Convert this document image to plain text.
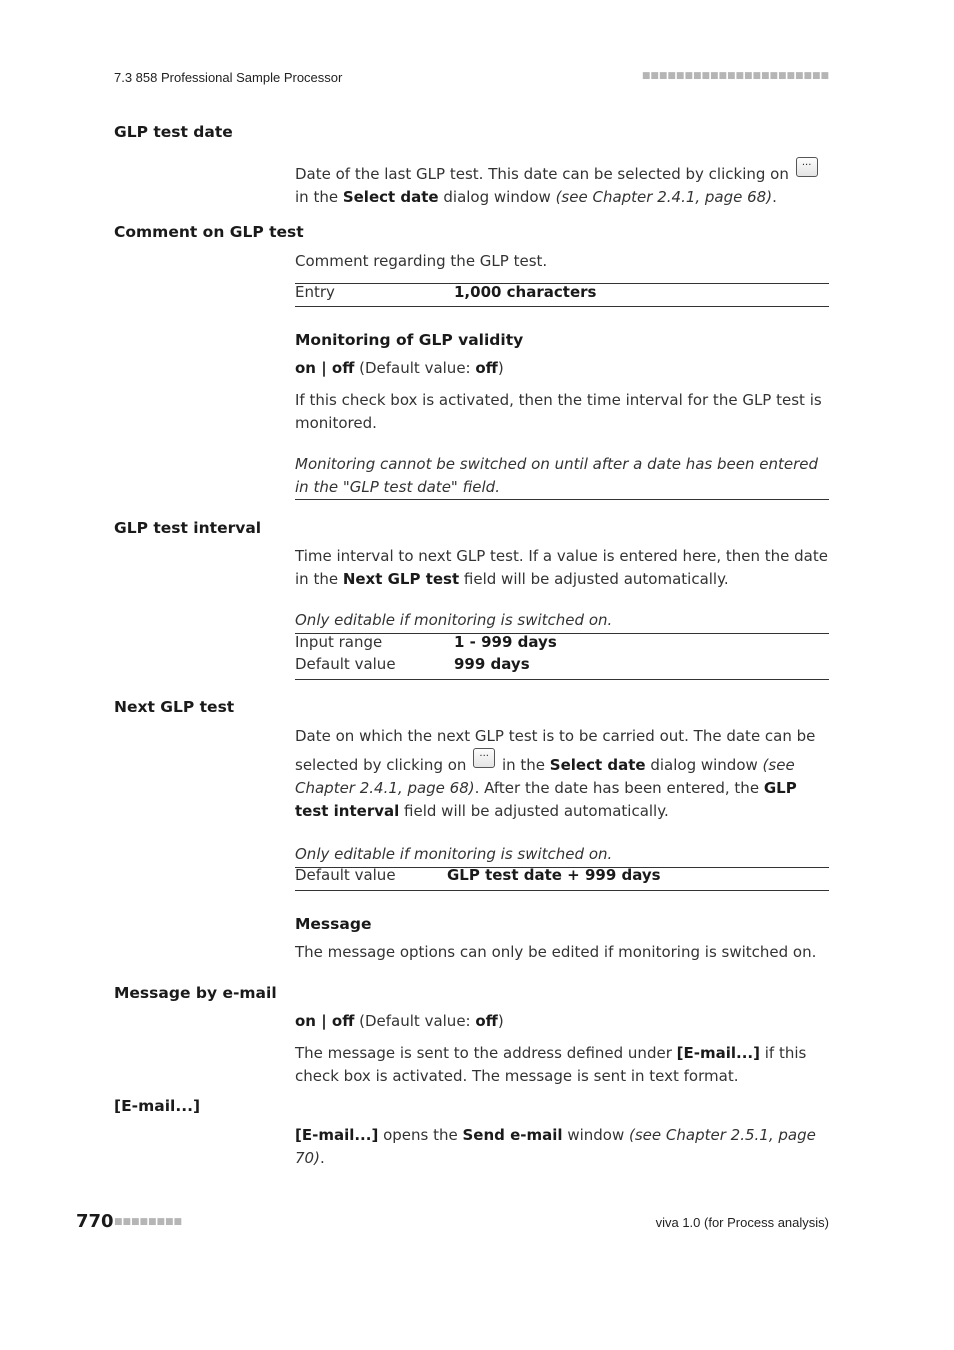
7.3 858 Professional Sample Processor	■■■■■■■■■■■■■■■■■■■■■■
GLP test date
Date of the last GLP test. This date can be selected by clicking on ···
in the Select date dialog window (see Chapter 2.4.1, page 68).
Comment on GLP test
Comment regarding the GLP test.
Entry	1,000 characters
Monitoring of GLP validity
on | off (Default value: off)
If this check box is activated, then the time interval for the GLP test is monitored.
Monitoring cannot be switched on until after a date has been entered in the "GLP test date" field.
GLP test interval
Time interval to next GLP test. If a value is entered here, then the date in the Next GLP test field will be adjusted automatically.
Only editable if monitoring is switched on.
Input range	1 - 999 days
Default value	999 days
Next GLP test
Date on which the next GLP test is to be carried out. The date can be selected by clicking on ··· in the Select date dialog window (see Chapter 2.4.1, page 68). After the date has been entered, the GLP test interval field will be adjusted automatically.
Only editable if monitoring is switched on.
Default value	GLP test date + 999 days
Message
The message options can only be edited if monitoring is switched on.
Message by e-mail
on | off (Default value: off)
The message is sent to the address defined under [E-mail...] if this check box is activated. The message is sent in text format.
[E-mail...]
[E-mail...] opens the Send e-mail window (see Chapter 2.5.1, page 70).
770 ■■■■■■■■	viva 1.0 (for Process analysis)
